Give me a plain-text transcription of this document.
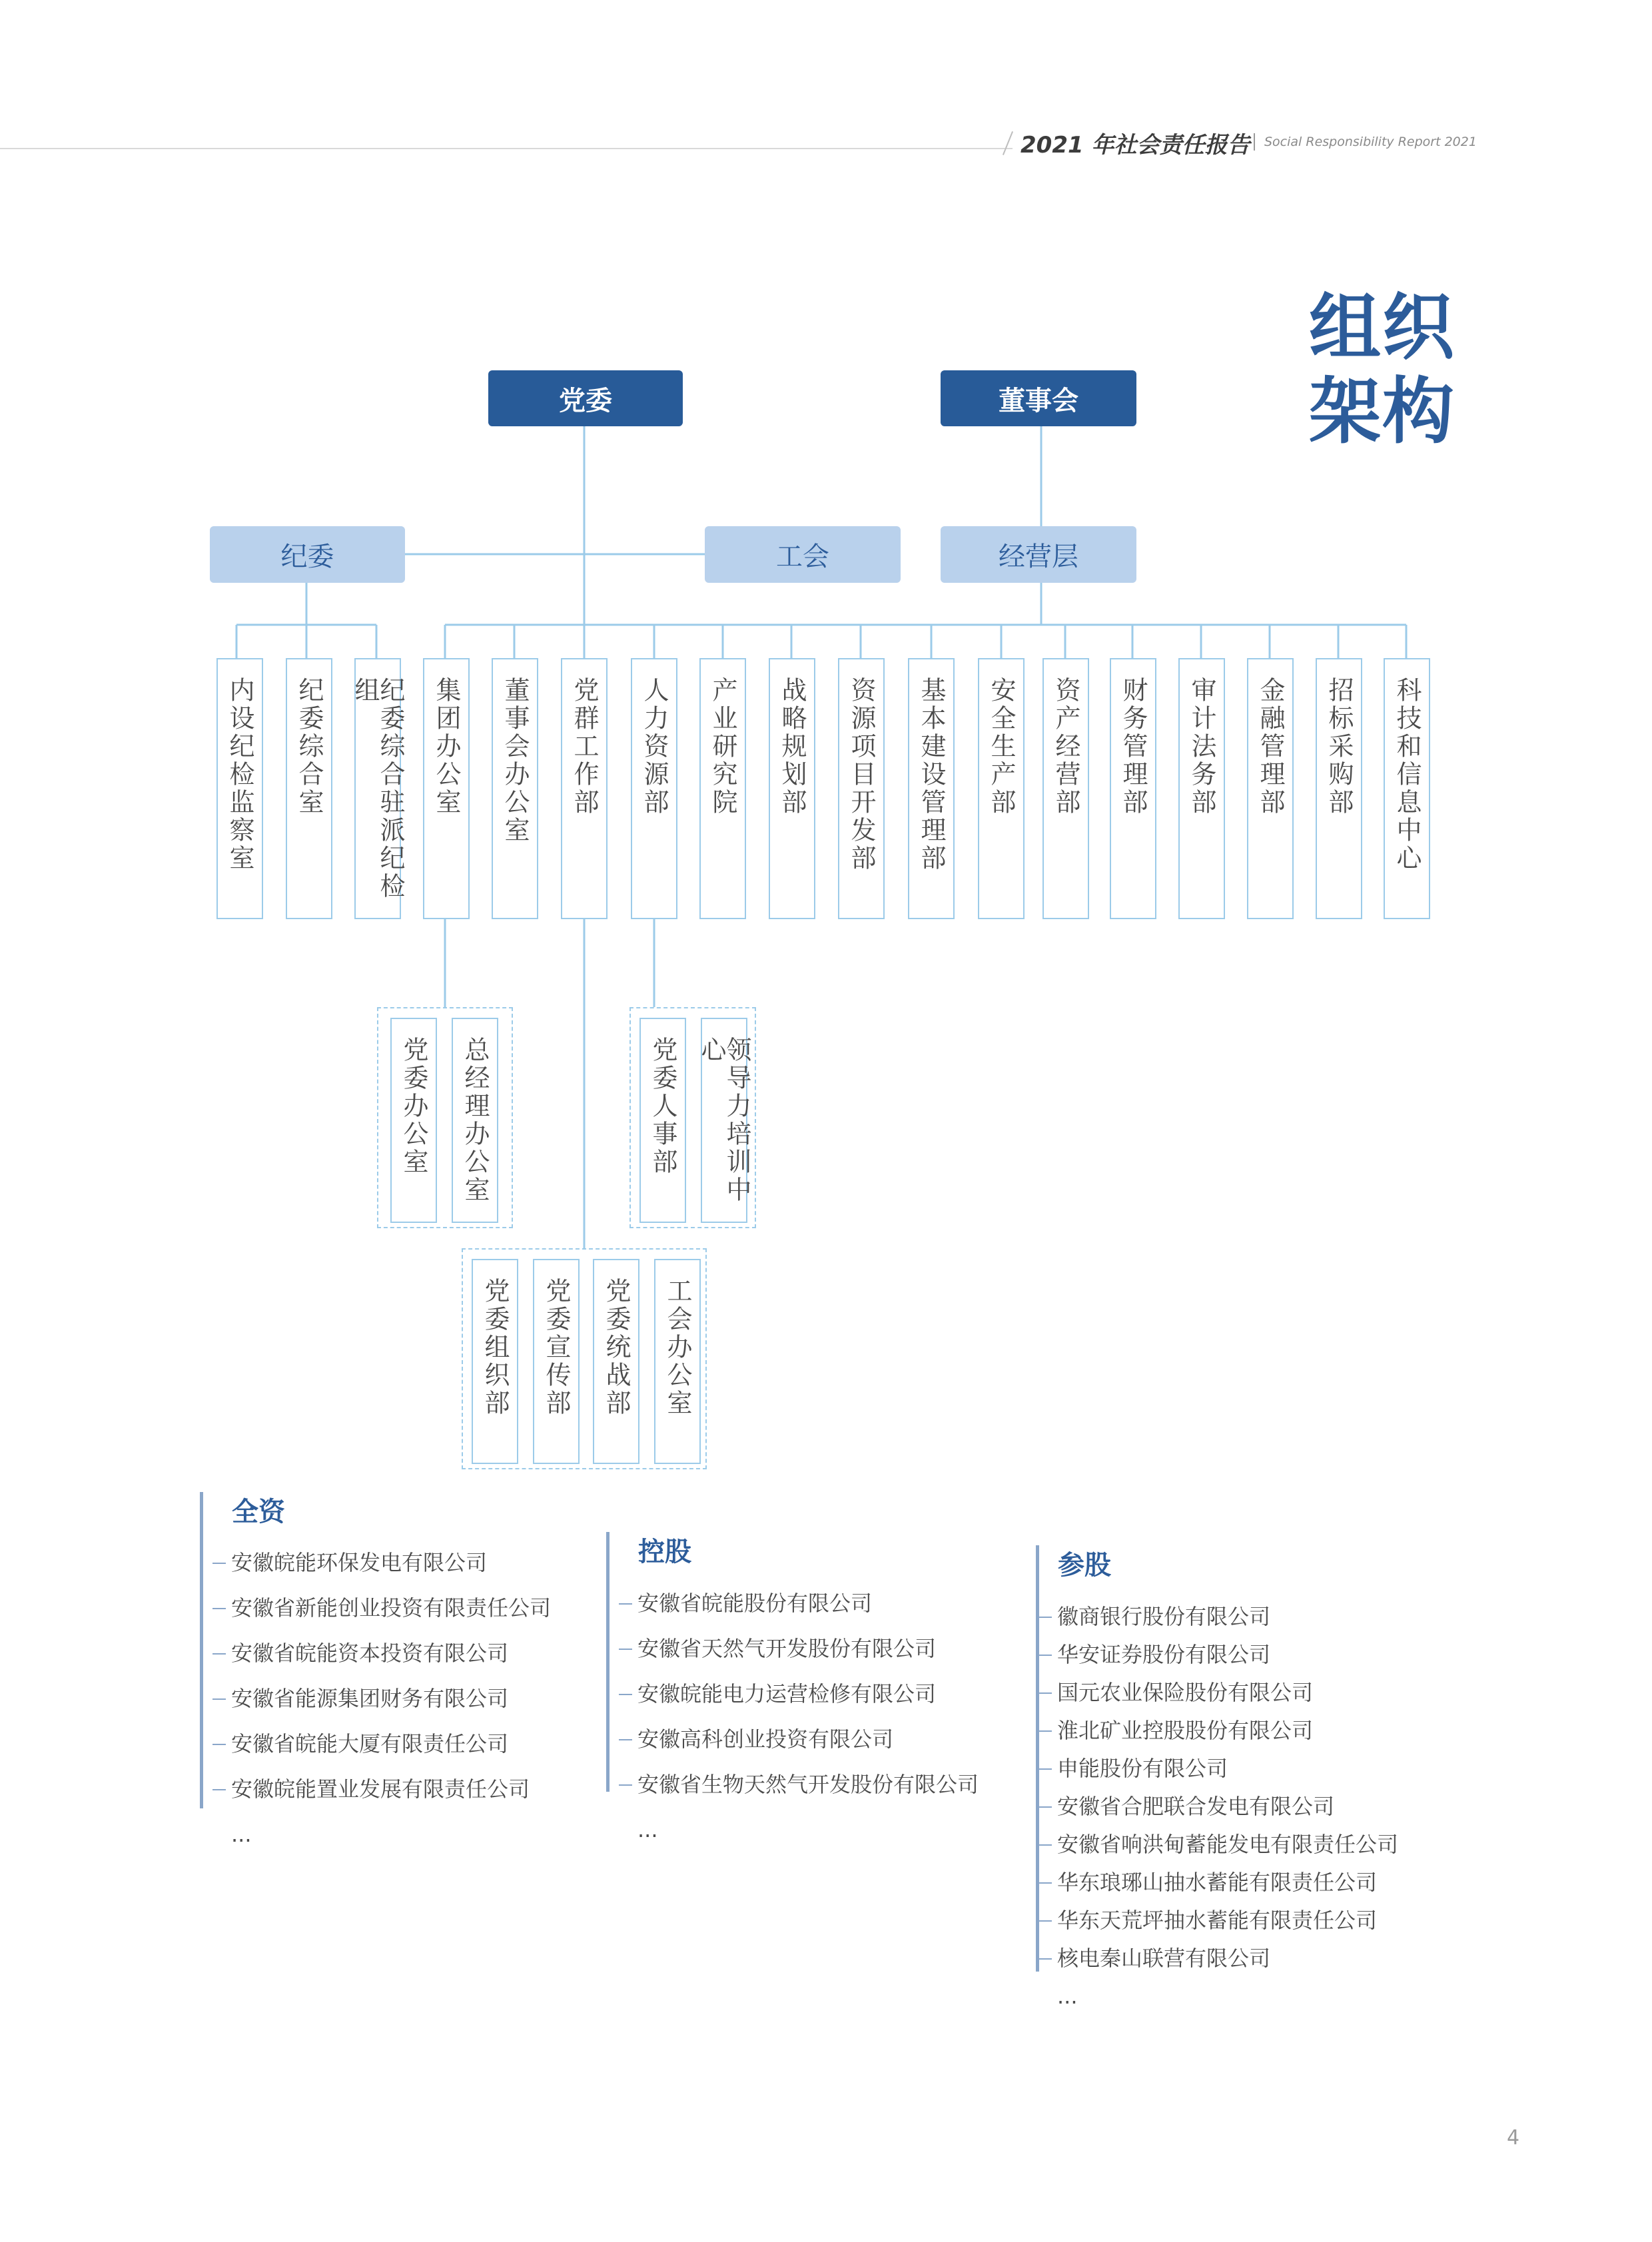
2021 年社会责任报告 Social Responsibility Report 2021
组织架构
党委	董事会
纪委	工会	经营层
内设纪检监察室 纪委综合室	纪委综合驻派纪检组	集团办公室 董事会办公室 党群工作部 人力资源部 产业研究院 战略规划部 资源项目开发部 基本建设管理部 安全生产部 资产经营部 财务管理部 审计法务部 金融管理部 招标采购部 科技和信息中心
党委办公室 总经理办公室	党委人事部	领导力培训中心
党委组织部 党委宣传部 党委统战部 工会办公室
全资
安徽皖能环保发电有限公司
安徽省新能创业投资有限责任公司
安徽省皖能资本投资有限公司
安徽省能源集团财务有限公司
安徽省皖能大厦有限责任公司
安徽皖能置业发展有限责任公司
...
控股
安徽省皖能股份有限公司
安徽省天然气开发股份有限公司
安徽皖能电力运营检修有限公司
安徽高科创业投资有限公司
安徽省生物天然气开发股份有限公司
...
参股
徽商银行股份有限公司
华安证券股份有限公司
国元农业保险股份有限公司
淮北矿业控股股份有限公司
申能股份有限公司
安徽省合肥联合发电有限公司
安徽省响洪甸蓄能发电有限责任公司
华东琅琊山抽水蓄能有限责任公司
华东天荒坪抽水蓄能有限责任公司
核电秦山联营有限公司
...
4
